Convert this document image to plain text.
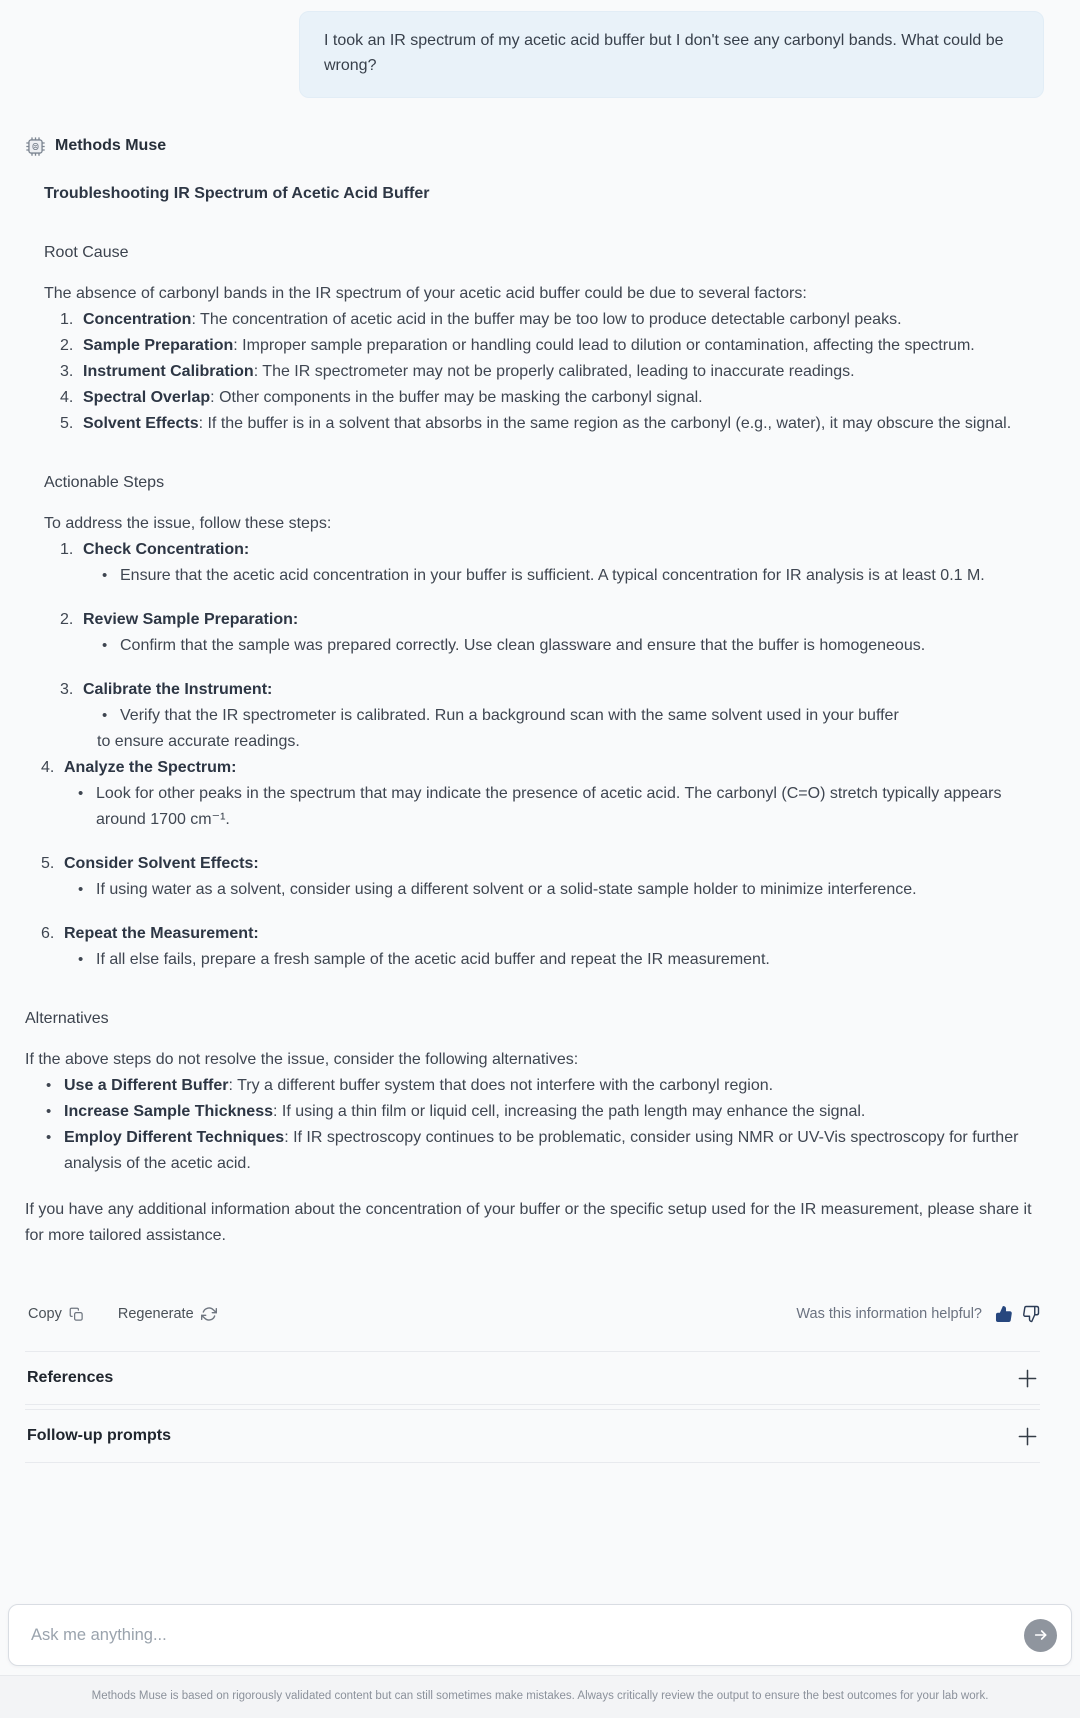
I took an IR spectrum of my acetic acid buffer but I don't see any carbonyl bands. What could be wrong?
Methods Muse
Troubleshooting IR Spectrum of Acetic Acid Buffer
Root Cause
The absence of carbonyl bands in the IR spectrum of your acetic acid buffer could be due to several factors:
1. Concentration: The concentration of acetic acid in the buffer may be too low to produce detectable carbonyl peaks.
2. Sample Preparation: Improper sample preparation or handling could lead to dilution or contamination, affecting the spectrum.
3. Instrument Calibration: The IR spectrometer may not be properly calibrated, leading to inaccurate readings.
4. Spectral Overlap: Other components in the buffer may be masking the carbonyl signal.
5. Solvent Effects: If the buffer is in a solvent that absorbs in the same region as the carbonyl (e.g., water), it may obscure the signal.
Actionable Steps
To address the issue, follow these steps:
1. Check Concentration:
• Ensure that the acetic acid concentration in your buffer is sufficient. A typical concentration for IR analysis is at least 0.1 M.
2. Review Sample Preparation:
• Confirm that the sample was prepared correctly. Use clean glassware and ensure that the buffer is homogeneous.
3. Calibrate the Instrument:
• Verify that the IR spectrometer is calibrated. Run a background scan with the same solvent used in your buffer
to ensure accurate readings.
4. Analyze the Spectrum:
• Look for other peaks in the spectrum that may indicate the presence of acetic acid. The carbonyl (C=O) stretch typically appears around 1700 cm⁻¹.
5. Consider Solvent Effects:
• If using water as a solvent, consider using a different solvent or a solid-state sample holder to minimize interference.
6. Repeat the Measurement:
• If all else fails, prepare a fresh sample of the acetic acid buffer and repeat the IR measurement.
Alternatives
If the above steps do not resolve the issue, consider the following alternatives:
• Use a Different Buffer: Try a different buffer system that does not interfere with the carbonyl region.
• Increase Sample Thickness: If using a thin film or liquid cell, increasing the path length may enhance the signal.
• Employ Different Techniques: If IR spectroscopy continues to be problematic, consider using NMR or UV-Vis spectroscopy for further analysis of the acetic acid.
If you have any additional information about the concentration of your buffer or the specific setup used for the IR measurement, please share it for more tailored assistance.
Copy	Regenerate	Was this information helpful?
References
Follow-up prompts
Ask me anything...
Methods Muse is based on rigorously validated content but can still sometimes make mistakes. Always critically review the output to ensure the best outcomes for your lab work.
